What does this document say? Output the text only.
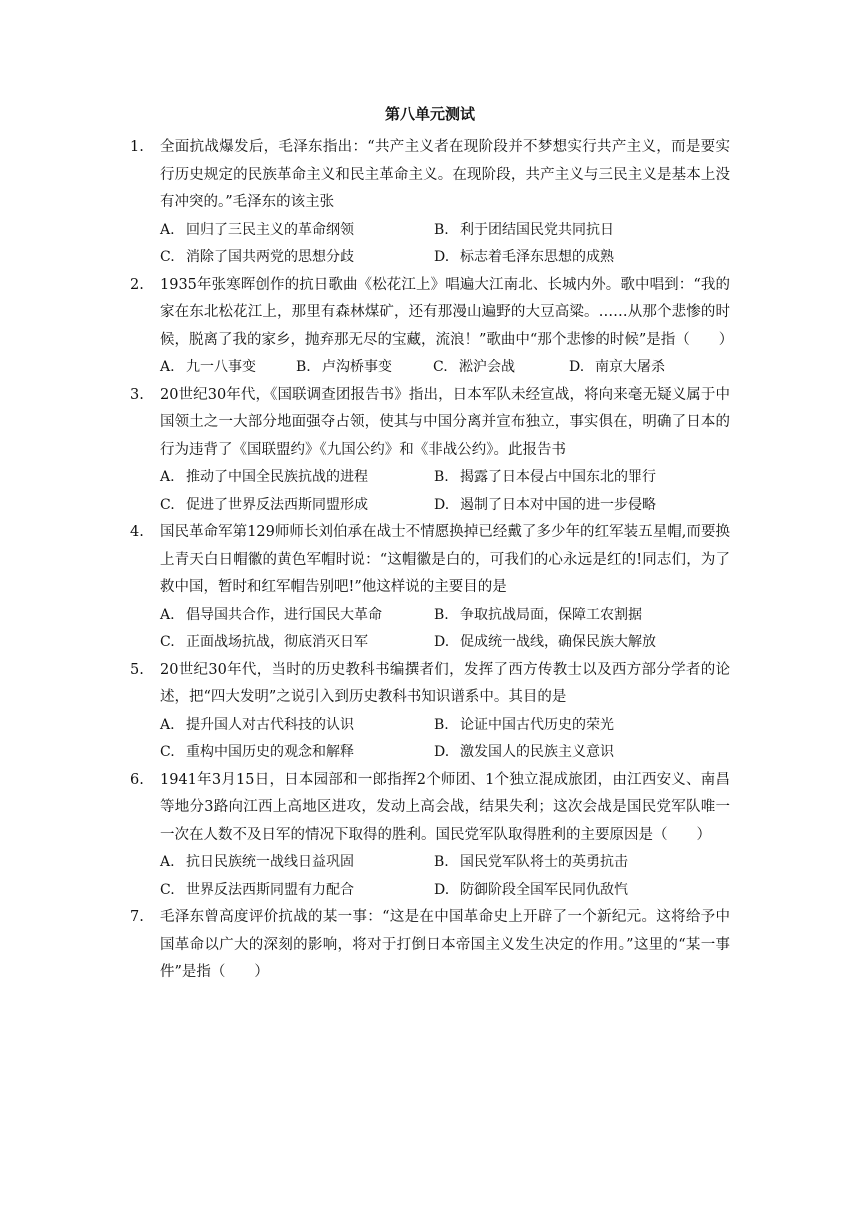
第八单元测试
1. 全面抗战爆发后，毛泽东指出：“共产主义者在现阶段并不梦想实行共产主义，而是要实行历史规定的民族革命主义和民主革命主义。在现阶段，共产主义与三民主义是基本上没有冲突的。”毛泽东的该主张

A. 回归了三民主义的革命纲领	B. 利于团结国民党共同抗日
C. 消除了国共两党的思想分歧	D. 标志着毛泽东思想的成熟
2. 1935年张寒晖创作的抗日歌曲《松花江上》唱遍大江南北、长城内外。歌中唱到：“我的家在东北松花江上，那里有森林煤矿，还有那漫山遍野的大豆高粱。……从那个悲惨的时候，脱离了我的家乡，抛弃那无尽的宝藏，流浪！”歌曲中“那个悲惨的时候”是指（　　）

A. 九一八事变	B. 卢沟桥事变	C. 淞沪会战	D. 南京大屠杀
3. 20世纪30年代，《国联调查团报告书》指出，日本军队未经宣战，将向来毫无疑义属于中国领土之一大部分地面强夺占领，使其与中国分离并宣布独立，事实俱在，明确了日本的行为违背了《国联盟约》《九国公约》和《非战公约》。此报告书

A. 推动了中国全民族抗战的进程	B. 揭露了日本侵占中国东北的罪行
C. 促进了世界反法西斯同盟形成	D. 遏制了日本对中国的进一步侵略
4. 国民革命军第129师师长刘伯承在战士不情愿换掉已经戴了多少年的红军装五星帽,而要换上青天白日帽徽的黄色军帽时说：“这帽徽是白的，可我们的心永远是红的!同志们，为了救中国，暂时和红军帽告别吧!”他这样说的主要目的是

A. 倡导国共合作，进行国民大革命	B. 争取抗战局面，保障工农割据
C. 正面战场抗战，彻底消灭日军	D. 促成统一战线，确保民族大解放
5. 20世纪30年代，当时的历史教科书编撰者们，发挥了西方传教士以及西方部分学者的论述，把“四大发明”之说引入到历史教科书知识谱系中。其目的是

A. 提升国人对古代科技的认识	B. 论证中国古代历史的荣光
C. 重构中国历史的观念和解释	D. 激发国人的民族主义意识
6. 1941年3月15日，日本园部和一郎指挥2个师团、1个独立混成旅团，由江西安义、南昌等地分3路向江西上高地区进攻，发动上高会战，结果失利；这次会战是国民党军队唯一一次在人数不及日军的情况下取得的胜利。国民党军队取得胜利的主要原因是（　　）

A. 抗日民族统一战线日益巩固	B. 国民党军队将士的英勇抗击
C. 世界反法西斯同盟有力配合	D. 防御阶段全国军民同仇敌忾
7. 毛泽东曾高度评价抗战的某一事：“这是在中国革命史上开辟了一个新纪元。这将给予中国革命以广大的深刻的影响，将对于打倒日本帝国主义发生决定的作用。”这里的“某一事件”是指（　　）
